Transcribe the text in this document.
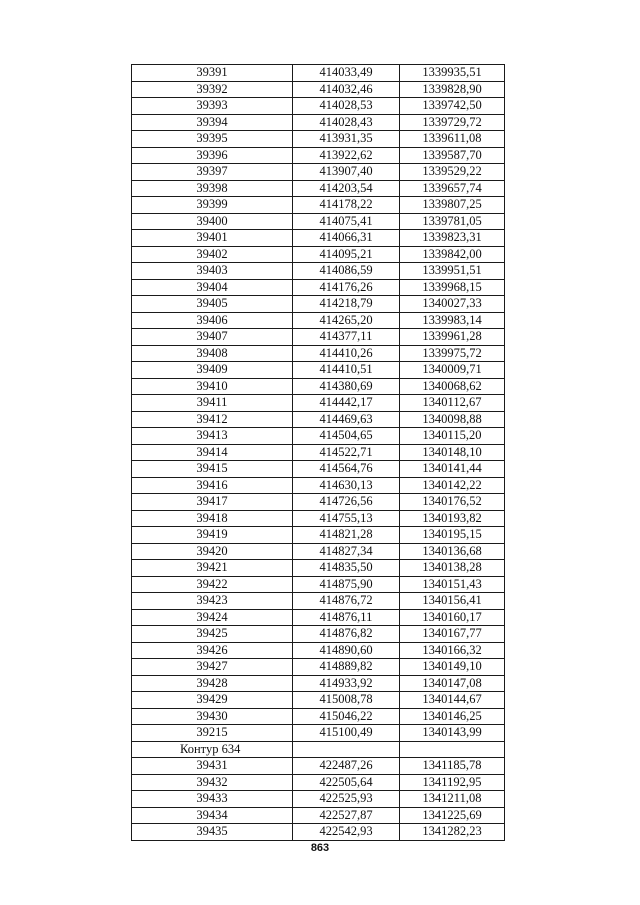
39391	414033,49	1339935,51
39392	414032,46	1339828,90
39393	414028,53	1339742,50
39394	414028,43	1339729,72
39395	413931,35	1339611,08
39396	413922,62	1339587,70
39397	413907,40	1339529,22
39398	414203,54	1339657,74
39399	414178,22	1339807,25
39400	414075,41	1339781,05
39401	414066,31	1339823,31
39402	414095,21	1339842,00
39403	414086,59	1339951,51
39404	414176,26	1339968,15
39405	414218,79	1340027,33
39406	414265,20	1339983,14
39407	414377,11	1339961,28
39408	414410,26	1339975,72
39409	414410,51	1340009,71
39410	414380,69	1340068,62
39411	414442,17	1340112,67
39412	414469,63	1340098,88
39413	414504,65	1340115,20
39414	414522,71	1340148,10
39415	414564,76	1340141,44
39416	414630,13	1340142,22
39417	414726,56	1340176,52
39418	414755,13	1340193,82
39419	414821,28	1340195,15
39420	414827,34	1340136,68
39421	414835,50	1340138,28
39422	414875,90	1340151,43
39423	414876,72	1340156,41
39424	414876,11	1340160,17
39425	414876,82	1340167,77
39426	414890,60	1340166,32
39427	414889,82	1340149,10
39428	414933,92	1340147,08
39429	415008,78	1340144,67
39430	415046,22	1340146,25
39215	415100,49	1340143,99
Контур 634		
39431	422487,26	1341185,78
39432	422505,64	1341192,95
39433	422525,93	1341211,08
39434	422527,87	1341225,69
39435	422542,93	1341282,23
863
